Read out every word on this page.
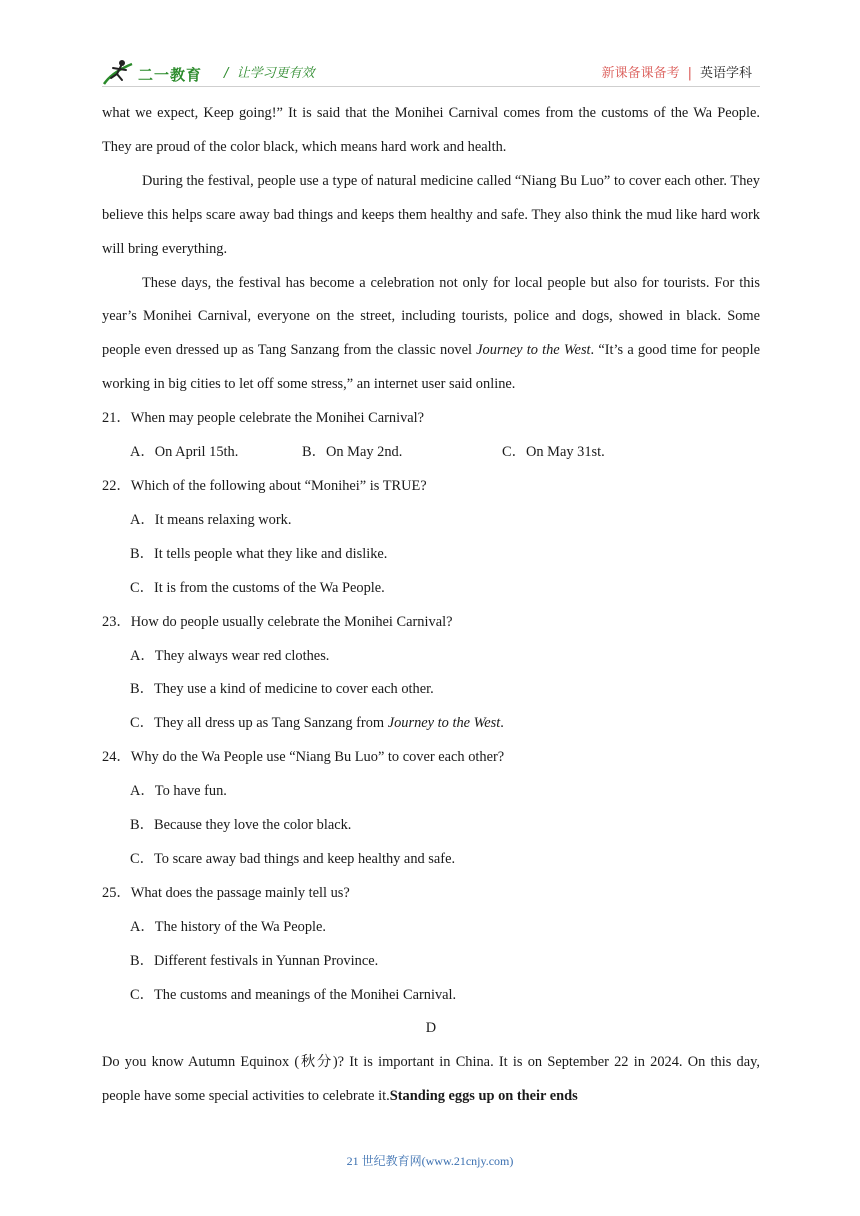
二一教育 /  让学习更有效	新课备课备考 | 英语学科

what we expect, Keep going!” It is said that the Monihei Carnival comes from the customs of the Wa People. They are proud of the color black, which means hard work and health.

During the festival, people use a type of natural medicine called “Niang Bu Luo” to cover each other. They believe this helps scare away bad things and keeps them healthy and safe. They also think the mud like hard work will bring everything.

These days, the festival has become a celebration not only for local people but also for tourists. For this year’s Monihei Carnival, everyone on the street, including tourists, police and dogs, showed in black. Some people even dressed up as Tang Sanzang from the classic novel Journey to the West. “It’s a good time for people working in big cities to let off some stress,” an internet user said online.

21．When may people celebrate the Monihei Carnival?

A．On April 15th.	B．On May 2nd.	C．On May 31st.

22．Which of the following about “Monihei” is TRUE?

A．It means relaxing work.

B．It tells people what they like and dislike.

C．It is from the customs of the Wa People.

23．How do people usually celebrate the Monihei Carnival?

A．They always wear red clothes.

B．They use a kind of medicine to cover each other.

C．They all dress up as Tang Sanzang from Journey to the West.

24．Why do the Wa People use “Niang Bu Luo” to cover each other?

A．To have fun.

B．Because they love the color black.

C．To scare away bad things and keep healthy and safe.

25．What does the passage mainly tell us?

A．The history of the Wa People.

B．Different festivals in Yunnan Province.

C．The customs and meanings of the Monihei Carnival.

D

Do you know Autumn Equinox (秋分)? It is important in China. It is on September 22 in 2024. On this day, people have some special activities to celebrate it.Standing eggs up on their ends

21 世纪教育网(www.21cnjy.com)
